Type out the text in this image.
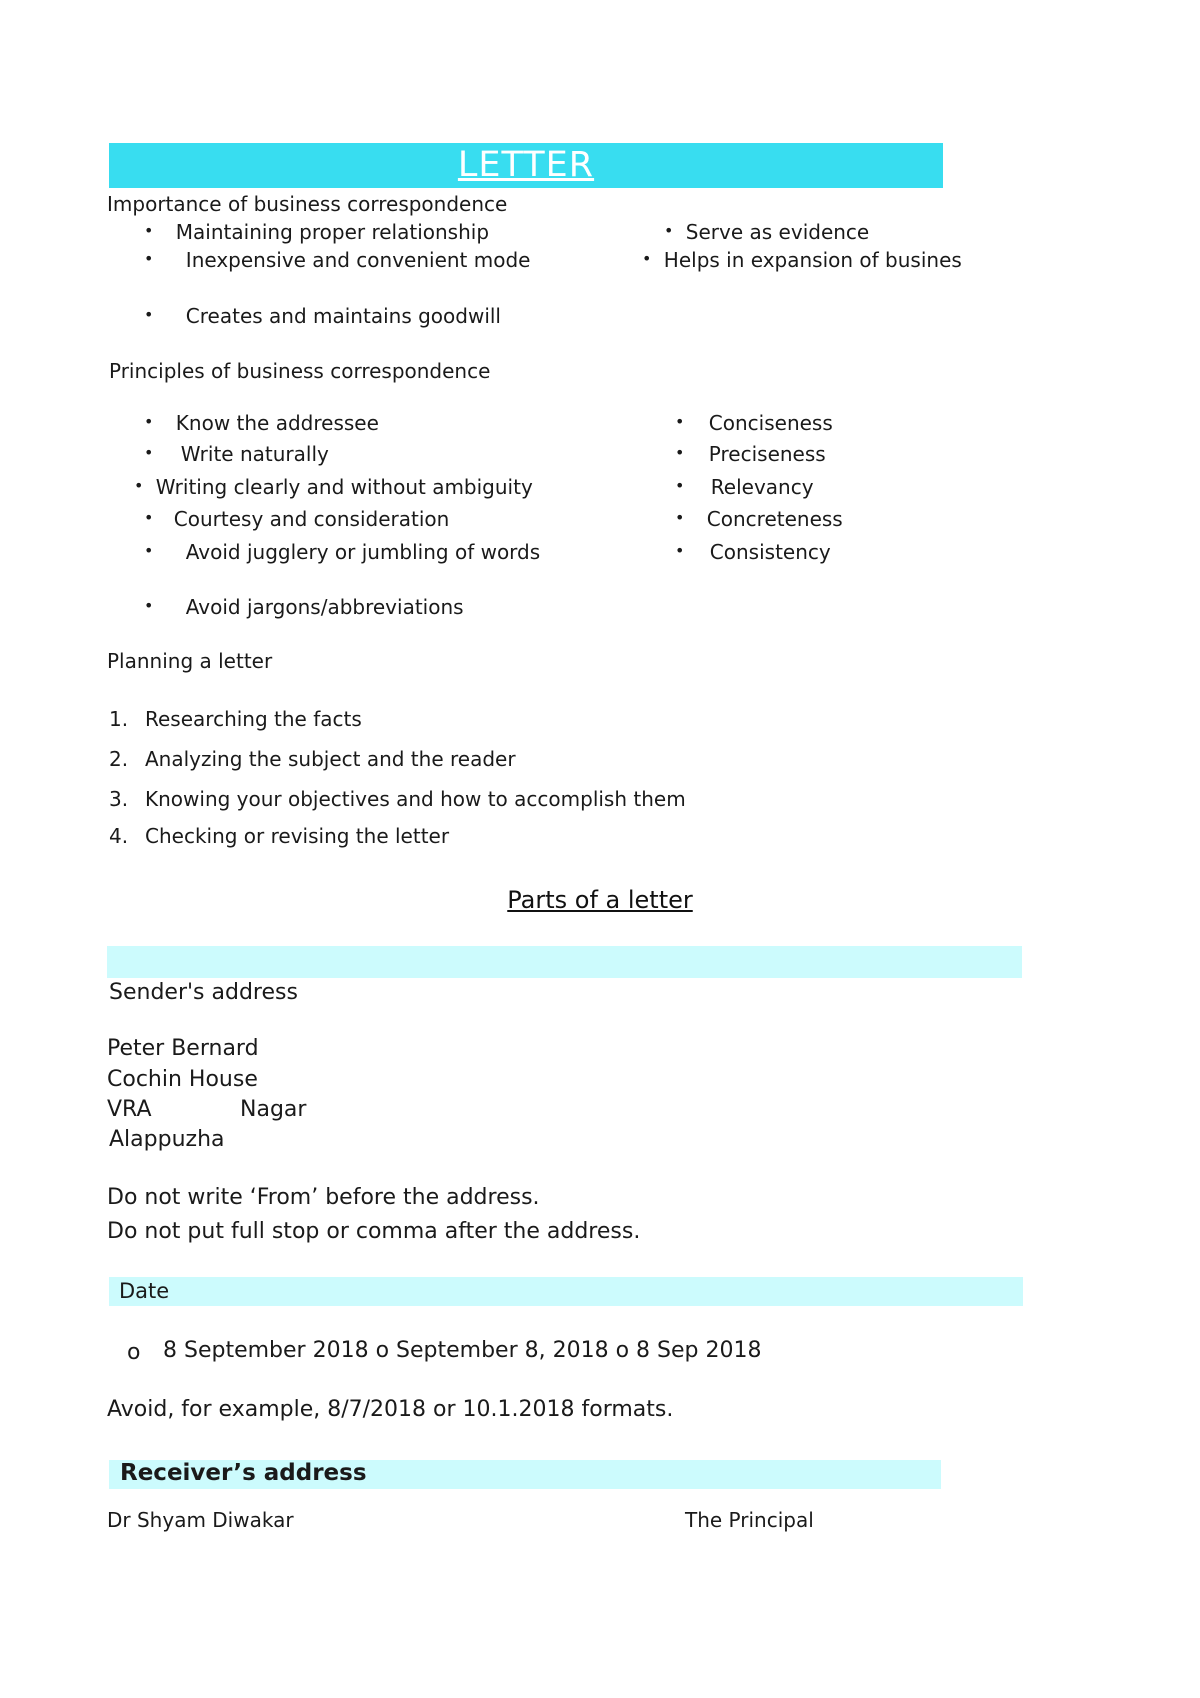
LETTER
Importance of business correspondence
• Maintaining proper relationship
• Inexpensive and convenient mode
• Creates and maintains goodwill
• Serve as evidence
• Helps in expansion of busines
Principles of business correspondence
• Know the addressee
• Write naturally
• Writing clearly and without ambiguity
• Courtesy and consideration
• Avoid jugglery or jumbling of words
• Avoid jargons/abbreviations
• Conciseness
• Preciseness
• Relevancy
• Concreteness
• Consistency
Planning a letter
1. Researching the facts
2. Analyzing the subject and the reader
3. Knowing your objectives and how to accomplish them
4. Checking or revising the letter
Parts of a letter
Sender's address
Peter Bernard
Cochin House
VRA	Nagar
Alappuzha
Do not write ‘From’ before the address.
Do not put full stop or comma after the address.
Date
o 8 September 2018 o September 8, 2018 o 8 Sep 2018
Avoid, for example, 8/7/2018 or 10.1.2018 formats.
Receiver’s address
Dr Shyam Diwakar	The Principal
